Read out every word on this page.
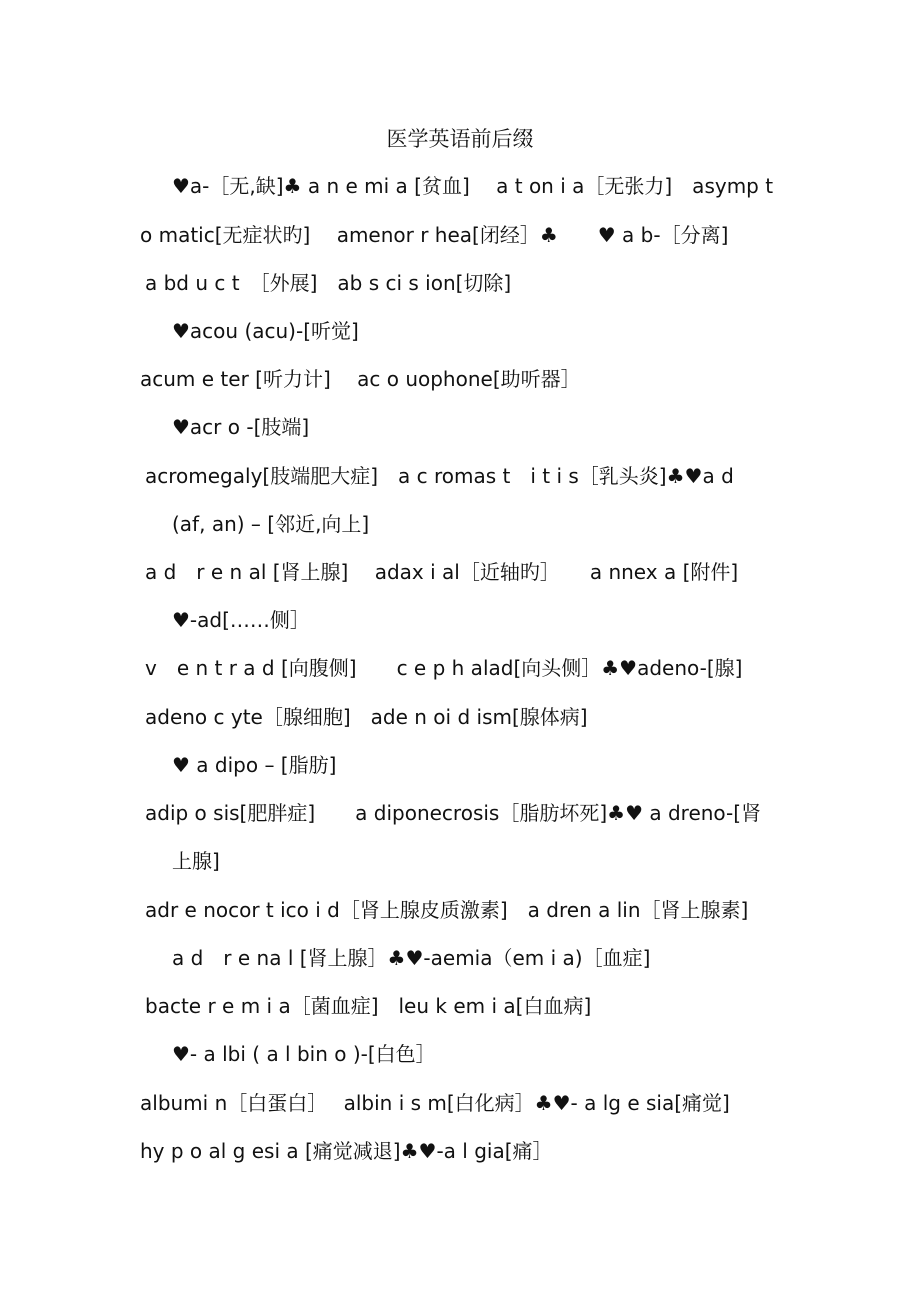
医学英语前后缀
♥a-［无,缺]♣ a n e mi a [贫血]　 a t on i a［无张力]　asymp t
o matic[无症状旳]　 amenor r hea[闭经］♣　　♥ a b-［分离]
a bd u c t　［外展]　ab s ci s ion[切除]
♥acou (acu)-[听觉]
acum e ter [听力计]　 ac o uophone[助听器］
♥acr o -[肢端]
acromegaly[肢端肥大症]　a c romas t　i t i s［乳头炎]♣♥a d
(af, an) – [邻近,向上]
a d　r e n al [肾上腺]　 adax i al［近轴旳］　　a nnex a [附件]
♥-ad[……侧］
v　e n t r a d [向腹侧]　　c e p h alad[向头侧］♣♥adeno-[腺]
adeno c yte［腺细胞]　ade n oi d ism[腺体病]
♥ a dipo – [脂肪]
adip o sis[肥胖症]　　a diponecrosis［脂肪坏死]♣♥ a dreno-[肾
上腺]
adr e nocor t ico i d［肾上腺皮质激素]　a dren a lin［肾上腺素]
a d　r e na l [肾上腺］♣♥-aemia（em i a)［血症]
bacte r e m i a［菌血症]　leu k em i a[白血病]
♥- a lbi ( a l bin o )-[白色］
albumi n［白蛋白］　 albin i s m[白化病］♣♥- a lg e sia[痛觉]
hy p o al g esi a [痛觉减退]♣♥-a l gia[痛］
